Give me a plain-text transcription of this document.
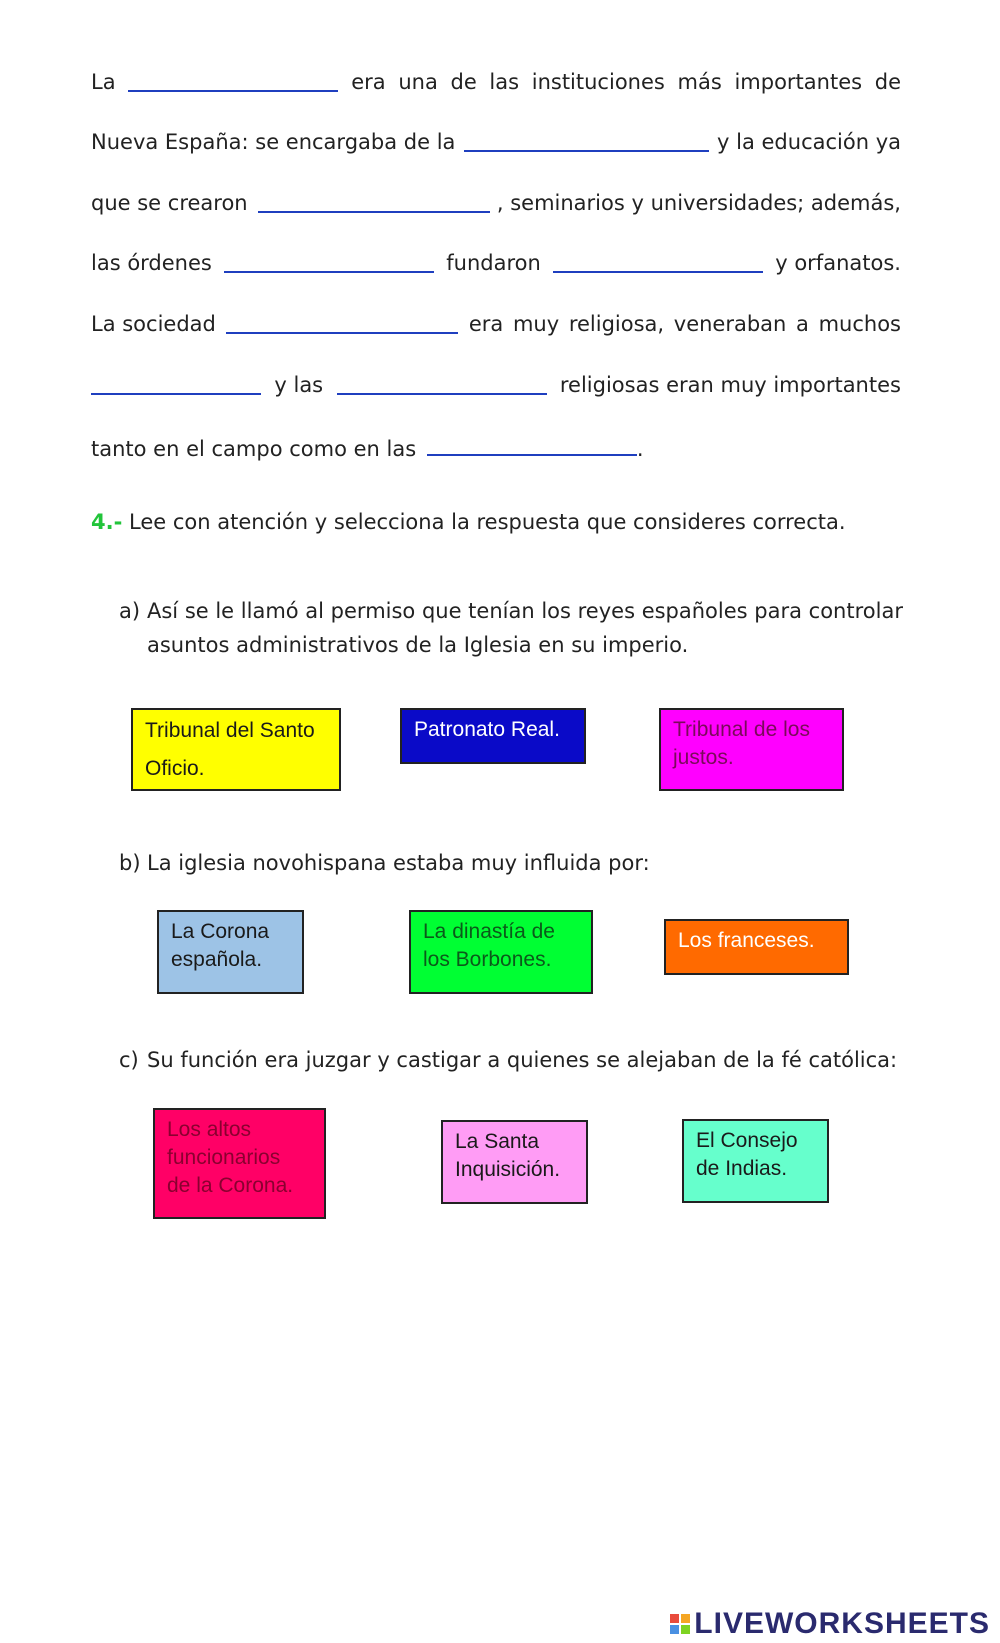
La	era una de las instituciones más importantes de
Nueva España: se encargaba de la	y la educación ya
que se crearon	, seminarios y universidades; además,
las órdenes	fundaron	y orfanatos.
La sociedad	era muy religiosa, veneraban a muchos
y las	religiosas eran muy importantes
tanto en el campo como en las	.
4.- Lee con atención y selecciona la respuesta que consideres correcta.
a) Así se le llamó al permiso que tenían los reyes españoles para controlar
asuntos administrativos de la Iglesia en su imperio.
Tribunal del Santo
Oficio.
Patronato Real.	Tribunal de los
justos.
b) La iglesia novohispana estaba muy influida por:
La Corona
española.
La dinastía de
los Borbones.
Los franceses.
c) Su función era juzgar y castigar a quienes se alejaban de la fé católica:
Los altos
funcionarios
de la Corona.
La Santa
Inquisición.
El Consejo
de Indias.
LIVEWORKSHEETS
